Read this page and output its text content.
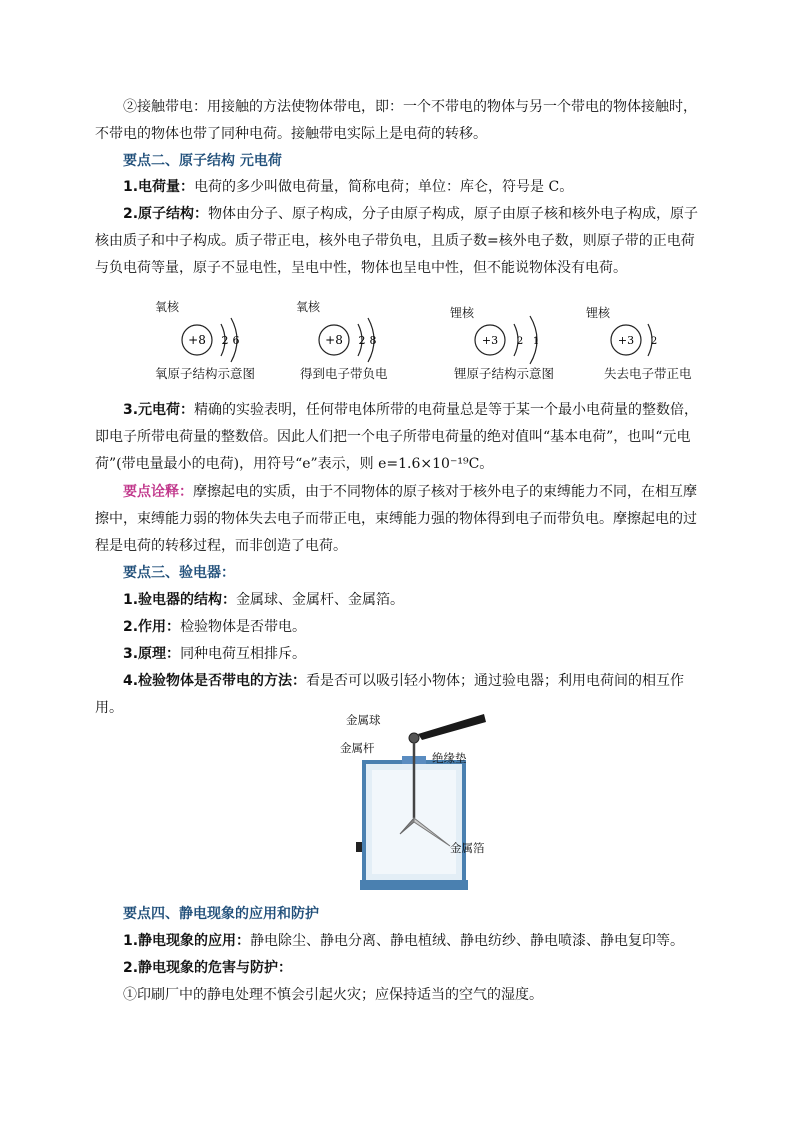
②接触带电：用接触的方法使物体带电，即：一个不带电的物体与另一个带电的物体接触时，不带电的物体也带了同种电荷。接触带电实际上是电荷的转移。

要点二、原子结构 元电荷

1.电荷量：电荷的多少叫做电荷量，简称电荷；单位：库仑，符号是 C。

2.原子结构：物体由分子、原子构成，分子由原子构成，原子由原子核和核外电子构成，原子核由质子和中子构成。质子带正电，核外电子带负电，且质子数=核外电子数，则原子带的正电荷与负电荷等量，原子不显电性，呈电中性，物体也呈电中性，但不能说物体没有电荷。

氧核
+8 2 6
氧原子结构示意图
氧核
+8 2 8
得到电子带负电
锂核
+3 2 1
锂原子结构示意图
锂核
+3 2
失去电子带正电

3.元电荷：精确的实验表明，任何带电体所带的电荷量总是等于某一个最小电荷量的整数倍，即电子所带电荷量的整数倍。因此人们把一个电子所带电荷量的绝对值叫“基本电荷”，也叫“元电荷”(带电量最小的电荷)，用符号“e”表示，则 e=1.6×10⁻¹⁹C。

要点诠释：摩擦起电的实质，由于不同物体的原子核对于核外电子的束缚能力不同，在相互摩擦中，束缚能力弱的物体失去电子而带正电，束缚能力强的物体得到电子而带负电。摩擦起电的过程是电荷的转移过程，而非创造了电荷。

要点三、验电器：

1.验电器的结构：金属球、金属杆、金属箔。

2.作用：检验物体是否带电。

3.原理：同种电荷互相排斥。

4.检验物体是否带电的方法：看是否可以吸引轻小物体；通过验电器；利用电荷间的相互作用。

金属球
金属杆
绝缘垫
金属箔

要点四、静电现象的应用和防护

1.静电现象的应用：静电除尘、静电分离、静电植绒、静电纺纱、静电喷漆、静电复印等。

2.静电现象的危害与防护：

①印刷厂中的静电处理不慎会引起火灾；应保持适当的空气的湿度。
